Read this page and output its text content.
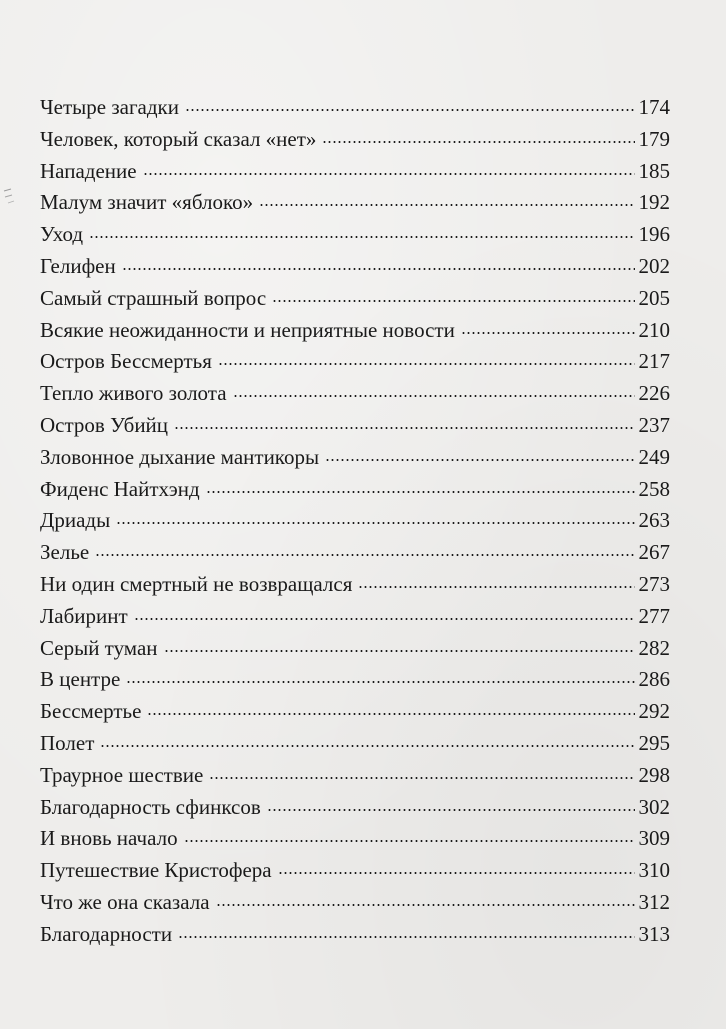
Четыре загадки	174
Человек, который сказал «нет»	179
Нападение	185
Малум значит «яблоко»	192
Уход	196
Гелифен	202
Самый страшный вопрос	205
Всякие неожиданности и неприятные новости	210
Остров Бессмертья	217
Тепло живого золота	226
Остров Убийц	237
Зловонное дыхание мантикоры	249
Фиденс Найтхэнд	258
Дриады	263
Зелье	267
Ни один смертный не возвращался	273
Лабиринт	277
Серый туман	282
В центре	286
Бессмертье	292
Полет	295
Траурное шествие	298
Благодарность сфинксов	302
И вновь начало	309
Путешествие Кристофера	310
Что же она сказала	312
Благодарности	313
